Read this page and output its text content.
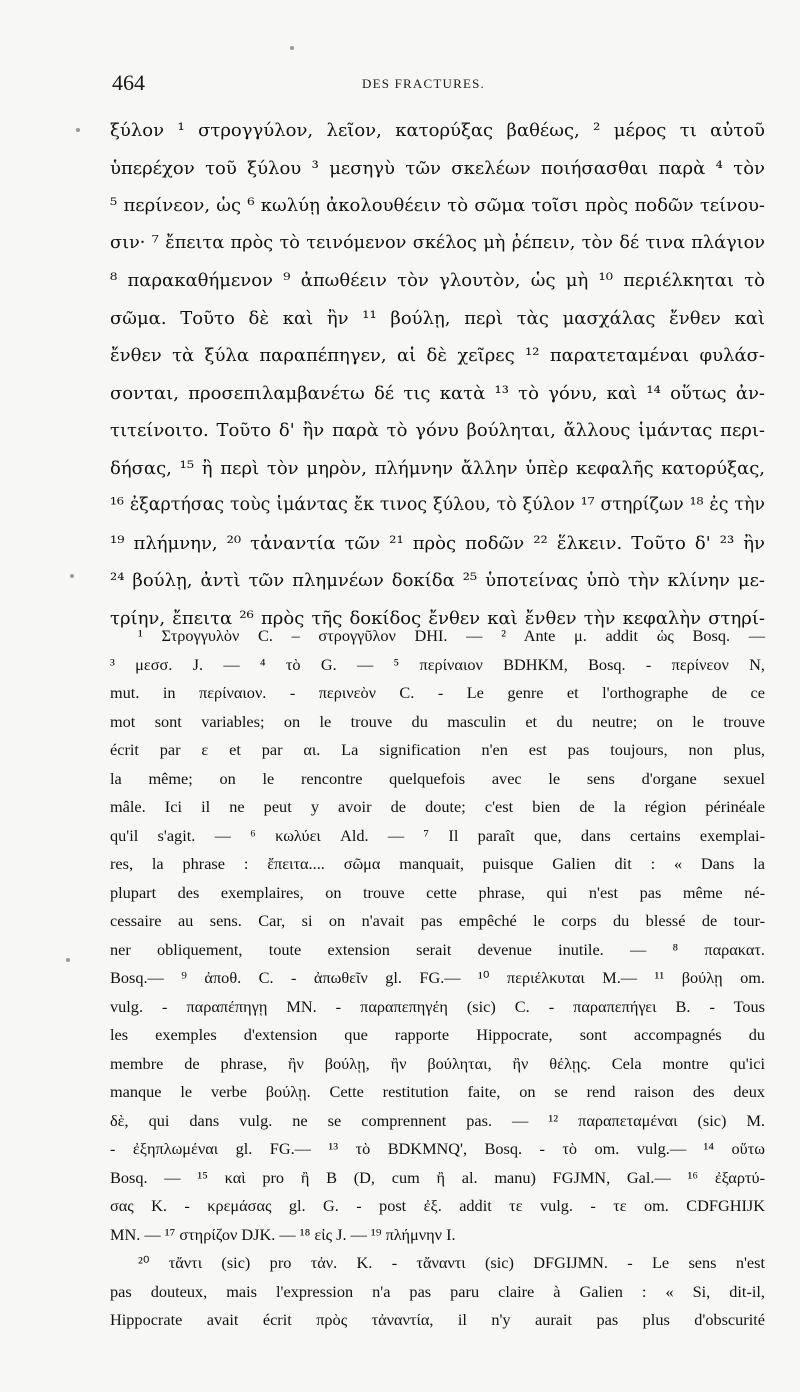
464	DES FRACTURES.
ξύλον ¹ στρογγύλον, λεῖον, κατορύξας βαθέως, ² μέρος τι αὐτοῦ
ὑπερέχον τοῦ ξύλου ³ μεσηγὺ τῶν σκελέων ποιήσασθαι παρὰ ⁴ τὸν
⁵ περίνεον, ὡς ⁶ κωλύῃ ἀκολουθέειν τὸ σῶμα τοῖσι πρὸς ποδῶν τείνου-
σιν· ⁷ ἔπειτα πρὸς τὸ τεινόμενον σκέλος μὴ ῥέπειν, τὸν δέ τινα πλάγιον
⁸ παρακαθήμενον ⁹ ἀπωθέειν τὸν γλουτὸν, ὡς μὴ ¹⁰ περιέλκηται τὸ
σῶμα. Τοῦτο δὲ καὶ ἢν ¹¹ βούλῃ, περὶ τὰς μασχάλας ἔνθεν καὶ
ἔνθεν τὰ ξύλα παραπέπηγεν, αἱ δὲ χεῖρες ¹² παρατεταμέναι φυλάσ-
σονται, προσεπιλαμβανέτω δέ τις κατὰ ¹³ τὸ γόνυ, καὶ ¹⁴ οὕτως ἀν-
τιτείνοιτο. Τοῦτο δ' ἢν παρὰ τὸ γόνυ βούληται, ἄλλους ἱμάντας περι-
δήσας, ¹⁵ ἢ περὶ τὸν μηρὸν, πλήμνην ἄλλην ὑπὲρ κεφαλῆς κατορύξας,
¹⁶ ἐξαρτήσας τοὺς ἱμάντας ἔκ τινος ξύλου, τὸ ξύλον ¹⁷ στηρίζων ¹⁸ ἐς τὴν
¹⁹ πλήμνην, ²⁰ τἀναντία τῶν ²¹ πρὸς ποδῶν ²² ἕλκειν. Τοῦτο δ' ²³ ἢν
²⁴ βούλῃ, ἀντὶ τῶν πλημνέων δοκίδα ²⁵ ὑποτείνας ὑπὸ τὴν κλίνην με-
τρίην, ἔπειτα ²⁶ πρὸς τῆς δοκίδος ἔνθεν καὶ ἔνθεν τὴν κεφαλὴν στηρί-
¹ Στρογγυλὸν C. – στρογγῦλον DHI. — ² Ante μ. addit ὡς Bosq. —
³ μεσσ. J. — ⁴ τὸ G. — ⁵ περίναιον BDHKM, Bosq. - περίνεον N,
mut. in περίναιον. - περινεὸν C. - Le genre et l'orthographe de ce
mot sont variables; on le trouve du masculin et du neutre; on le trouve
écrit par ε et par αι. La signification n'en est pas toujours, non plus,
la même; on le rencontre quelquefois avec le sens d'organe sexuel
mâle. Ici il ne peut y avoir de doute; c'est bien de la région périnéale
qu'il s'agit. — ⁶ κωλύει Ald. — ⁷ Il paraît que, dans certains exemplai-
res, la phrase : ἔπειτα.... σῶμα manquait, puisque Galien dit : « Dans la
plupart des exemplaires, on trouve cette phrase, qui n'est pas même né-
cessaire au sens. Car, si on n'avait pas empêché le corps du blessé de tour-
ner obliquement, toute extension serait devenue inutile. — ⁸ παρακατ.
Bosq.— ⁹ ἀποθ. C. - ἀπωθεῖν gl. FG.— ¹⁰ περιέλκυται M.— ¹¹ βούλῃ om.
vulg. - παραπέπηγῃ MN. - παραπεπηγέη (sic) C. - παραπεπήγει B. - Tous
les exemples d'extension que rapporte Hippocrate, sont accompagnés du
membre de phrase, ἢν βούλῃ, ἢν βούληται, ἢν θέλῃς. Cela montre qu'ici
manque le verbe βούλῃ. Cette restitution faite, on se rend raison des deux
δὲ, qui dans vulg. ne se comprennent pas. — ¹² παραπεταμέναι (sic) M.
- ἐξηπλωμέναι gl. FG.— ¹³ τὸ BDKMNQ', Bosq. - τὸ om. vulg.— ¹⁴ οὕτω
Bosq. — ¹⁵ καὶ pro ἢ B (D, cum ἢ al. manu) FGJMN, Gal.— ¹⁶ ἐξαρτύ-
σας K. - κρεμάσας gl. G. - post ἐξ. addit τε vulg. - τε om. CDFGHIJK
MN. — ¹⁷ στηρίζον DJK. — ¹⁸ εἰς J. — ¹⁹ πλήμνην I.
²⁰ τἄντι (sic) pro τἀν. K. - τἄναντι (sic) DFGIJMN. - Le sens n'est
pas douteux, mais l'expression n'a pas paru claire à Galien : « Si, dit-il,
Hippocrate avait écrit πρὸς τἀναντία, il n'y aurait pas plus d'obscurité
